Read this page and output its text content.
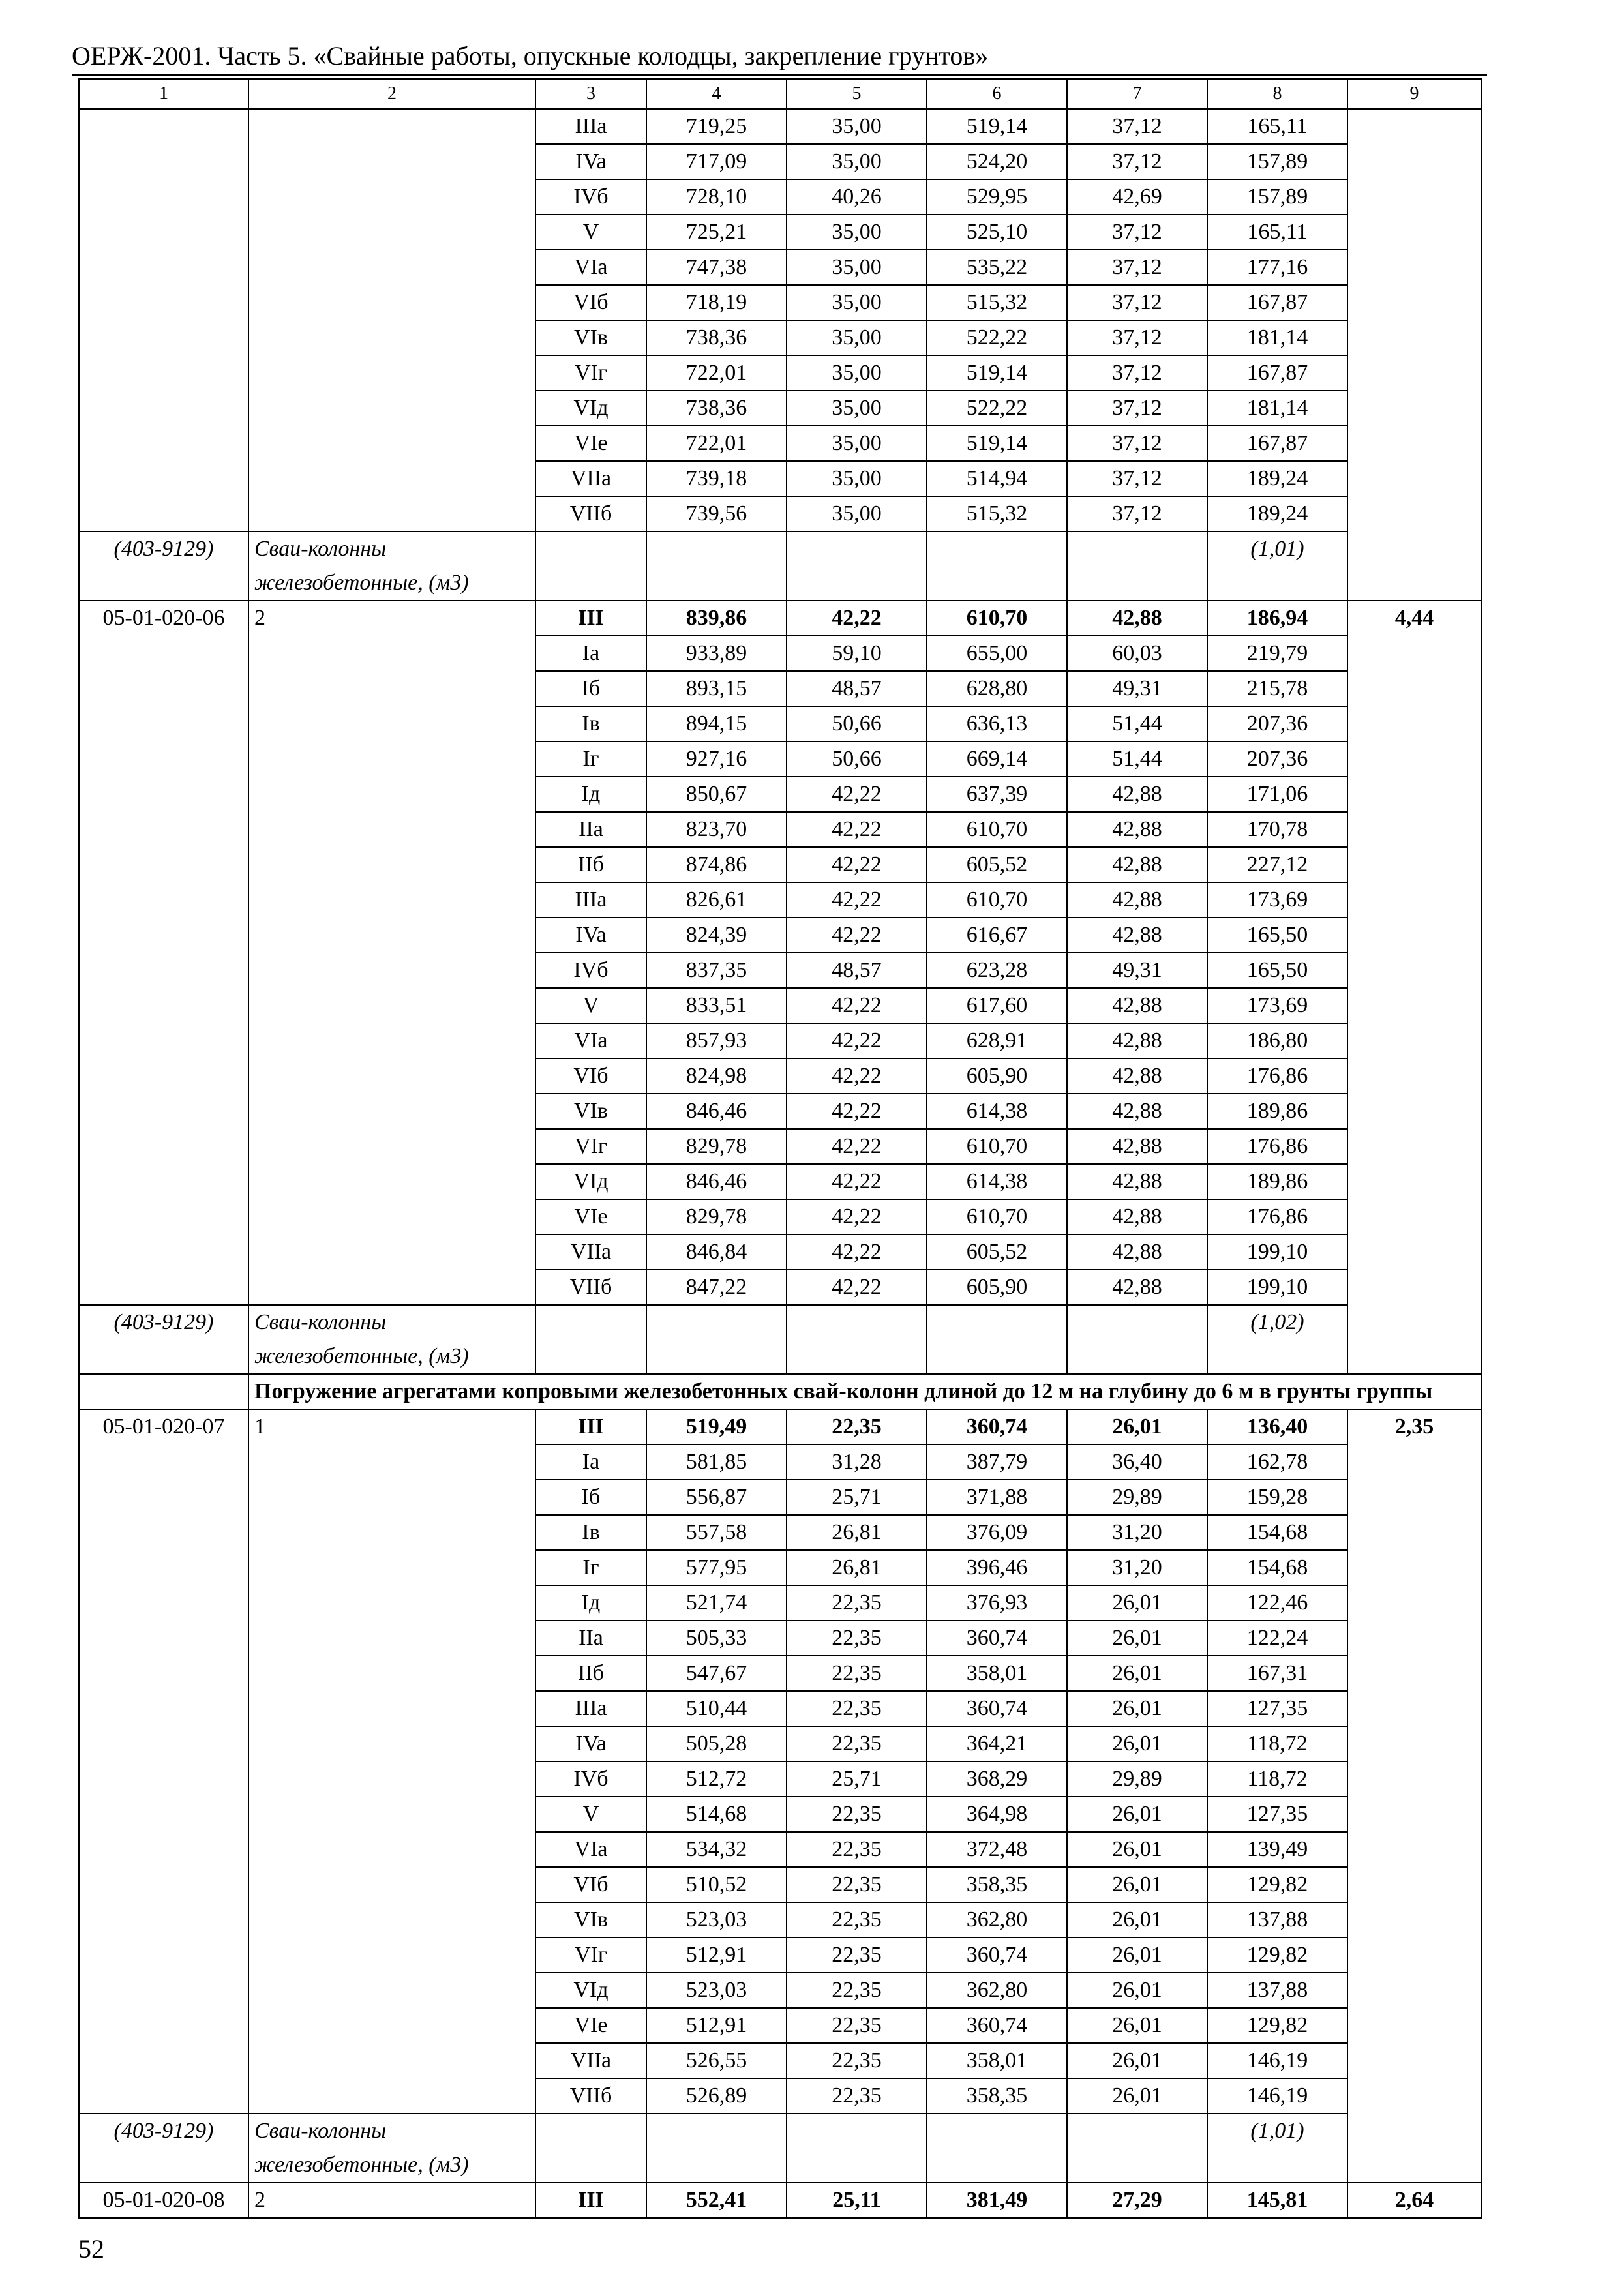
ОЕРЖ-2001. Часть 5. «Свайные работы, опускные колодцы, закрепление грунтов»
1	2	3	4	5	6	7	8	9
		IIIa	719,25	35,00	519,14	37,12	165,11	
		IVa	717,09	35,00	524,20	37,12	157,89	
		IVб	728,10	40,26	529,95	42,69	157,89	
		V	725,21	35,00	525,10	37,12	165,11	
		VIa	747,38	35,00	535,22	37,12	177,16	
		VIб	718,19	35,00	515,32	37,12	167,87	
		VIв	738,36	35,00	522,22	37,12	181,14	
		VIг	722,01	35,00	519,14	37,12	167,87	
		VIд	738,36	35,00	522,22	37,12	181,14	
		VIе	722,01	35,00	519,14	37,12	167,87	
		VIIa	739,18	35,00	514,94	37,12	189,24	
		VIIб	739,56	35,00	515,32	37,12	189,24	
(403-9129)	Сваи-колонны железобетонные, (м3)						(1,01)	
05-01-020-06	2	III	839,86	42,22	610,70	42,88	186,94	4,44
		Ia	933,89	59,10	655,00	60,03	219,79	
		Iб	893,15	48,57	628,80	49,31	215,78	
		Iв	894,15	50,66	636,13	51,44	207,36	
		Iг	927,16	50,66	669,14	51,44	207,36	
		Iд	850,67	42,22	637,39	42,88	171,06	
		IIa	823,70	42,22	610,70	42,88	170,78	
		IIб	874,86	42,22	605,52	42,88	227,12	
		IIIa	826,61	42,22	610,70	42,88	173,69	
		IVa	824,39	42,22	616,67	42,88	165,50	
		IVб	837,35	48,57	623,28	49,31	165,50	
		V	833,51	42,22	617,60	42,88	173,69	
		VIa	857,93	42,22	628,91	42,88	186,80	
		VIб	824,98	42,22	605,90	42,88	176,86	
		VIв	846,46	42,22	614,38	42,88	189,86	
		VIг	829,78	42,22	610,70	42,88	176,86	
		VIд	846,46	42,22	614,38	42,88	189,86	
		VIе	829,78	42,22	610,70	42,88	176,86	
		VIIa	846,84	42,22	605,52	42,88	199,10	
		VIIб	847,22	42,22	605,90	42,88	199,10	
(403-9129)	Сваи-колонны железобетонные, (м3)						(1,02)	
	Погружение агрегатами копровыми железобетонных свай-колонн длиной до 12 м на глубину до 6 м в грунты группы							
05-01-020-07	1	III	519,49	22,35	360,74	26,01	136,40	2,35
		Ia	581,85	31,28	387,79	36,40	162,78	
		Iб	556,87	25,71	371,88	29,89	159,28	
		Iв	557,58	26,81	376,09	31,20	154,68	
		Iг	577,95	26,81	396,46	31,20	154,68	
		Iд	521,74	22,35	376,93	26,01	122,46	
		IIa	505,33	22,35	360,74	26,01	122,24	
		IIб	547,67	22,35	358,01	26,01	167,31	
		IIIa	510,44	22,35	360,74	26,01	127,35	
		IVa	505,28	22,35	364,21	26,01	118,72	
		IVб	512,72	25,71	368,29	29,89	118,72	
		V	514,68	22,35	364,98	26,01	127,35	
		VIa	534,32	22,35	372,48	26,01	139,49	
		VIб	510,52	22,35	358,35	26,01	129,82	
		VIв	523,03	22,35	362,80	26,01	137,88	
		VIг	512,91	22,35	360,74	26,01	129,82	
		VIд	523,03	22,35	362,80	26,01	137,88	
		VIе	512,91	22,35	360,74	26,01	129,82	
		VIIa	526,55	22,35	358,01	26,01	146,19	
		VIIб	526,89	22,35	358,35	26,01	146,19	
(403-9129)	Сваи-колонны железобетонные, (м3)						(1,01)	
05-01-020-08	2	III	552,41	25,11	381,49	27,29	145,81	2,64
52
